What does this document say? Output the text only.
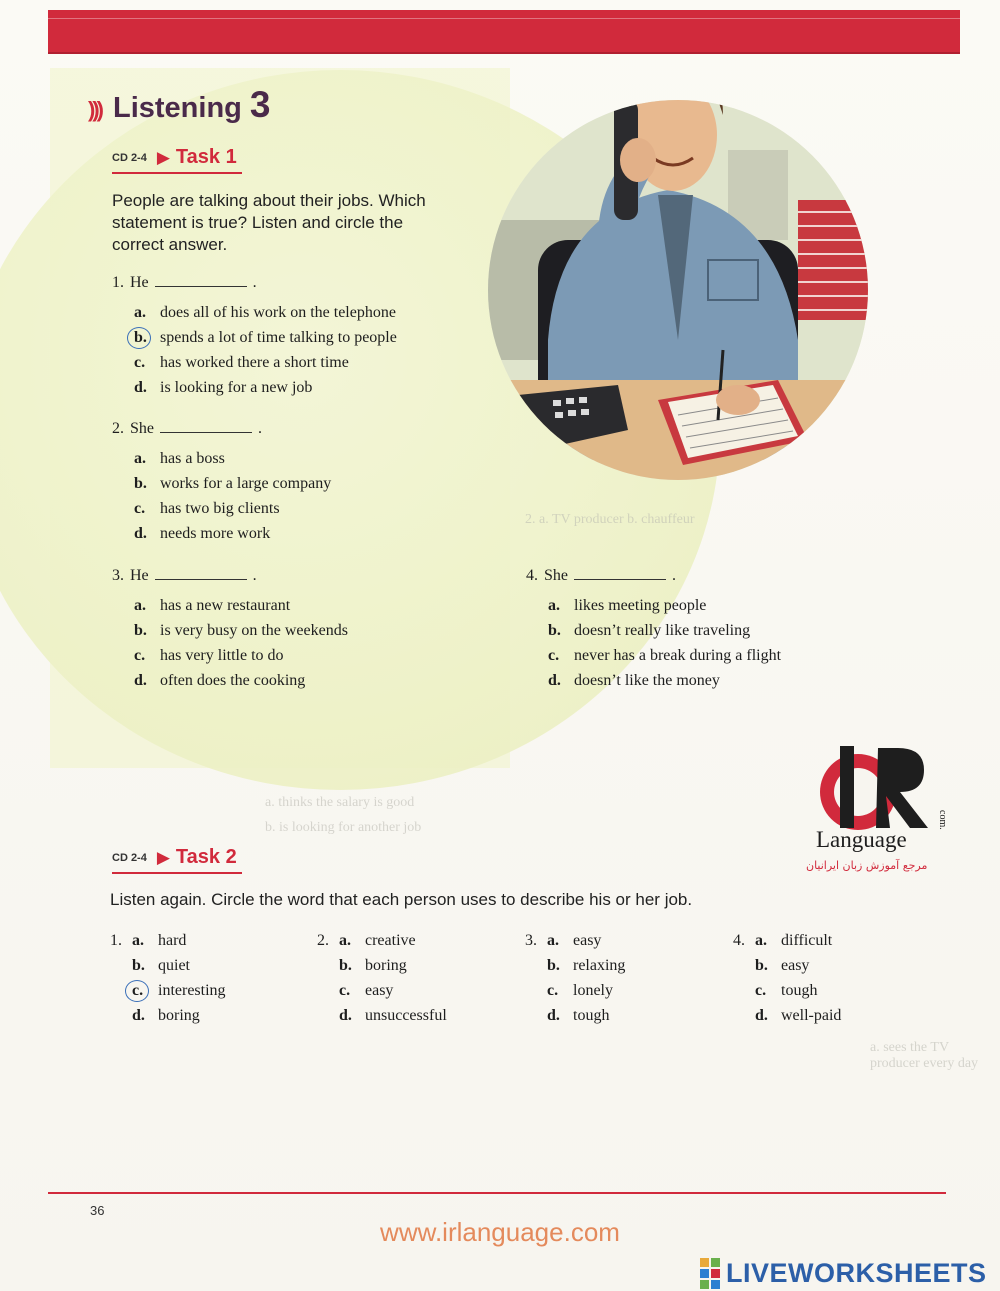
))) Listening 3
CD 2-4 ▶ Task 1
People are talking about their jobs. Which statement is true? Listen and circle the correct answer.
1. He	.
a. does all of his work on the telephone
b. spends a lot of time talking to people
c. has worked there a short time
d. is looking for a new job
2. She	.
a. has a boss
b. works for a large company
c. has two big clients
d. needs more work
3. He	.
a. has a new restaurant
b. is very busy on the weekends
c. has very little to do
d. often does the cooking
4. She	.
a. likes meeting people
b. doesn’t really like traveling
c. never has a break during a flight
d. doesn’t like the money
2. a. TV producer b. chauffeur
a. thinks the salary is good
b. is looking for another job
a. sees the TV producer every day
com.
Language
مرجع آموزش زبان ایرانیان
CD 2-4 ▶ Task 2
Listen again. Circle the word that each person uses to describe his or her job.
1. a. hard
b. quiet
c. interesting
d. boring
2. a. creative
b. boring
c. easy
d. unsuccessful
3. a. easy
b. relaxing
c. lonely
d. tough
4. a. difficult
b. easy
c. tough
d. well-paid
36
www.irlanguage.com
LIVEWORKSHEETS
